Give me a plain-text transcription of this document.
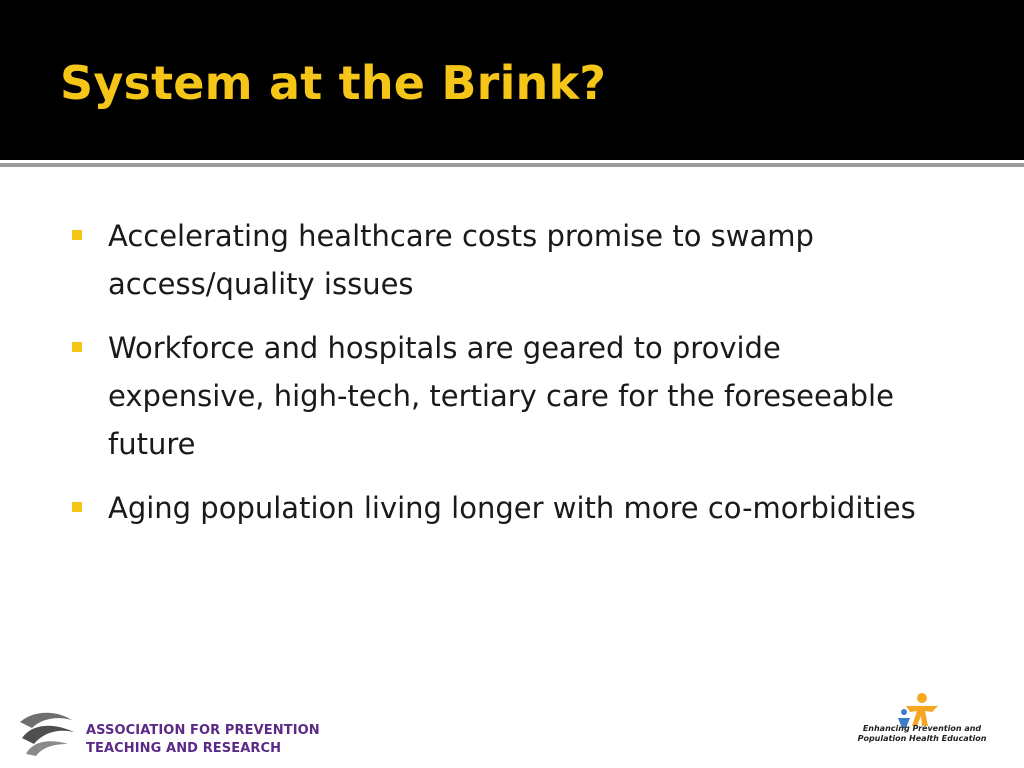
System at the Brink?
Accelerating healthcare costs promise to swamp access/quality issues
Workforce and hospitals are geared to provide expensive, high-tech, tertiary care for the foreseeable future
Aging population living longer with more co-morbidities
ASSOCIATION FOR PREVENTION
TEACHING AND RESEARCH
Enhancing Prevention and
Population Health Education
